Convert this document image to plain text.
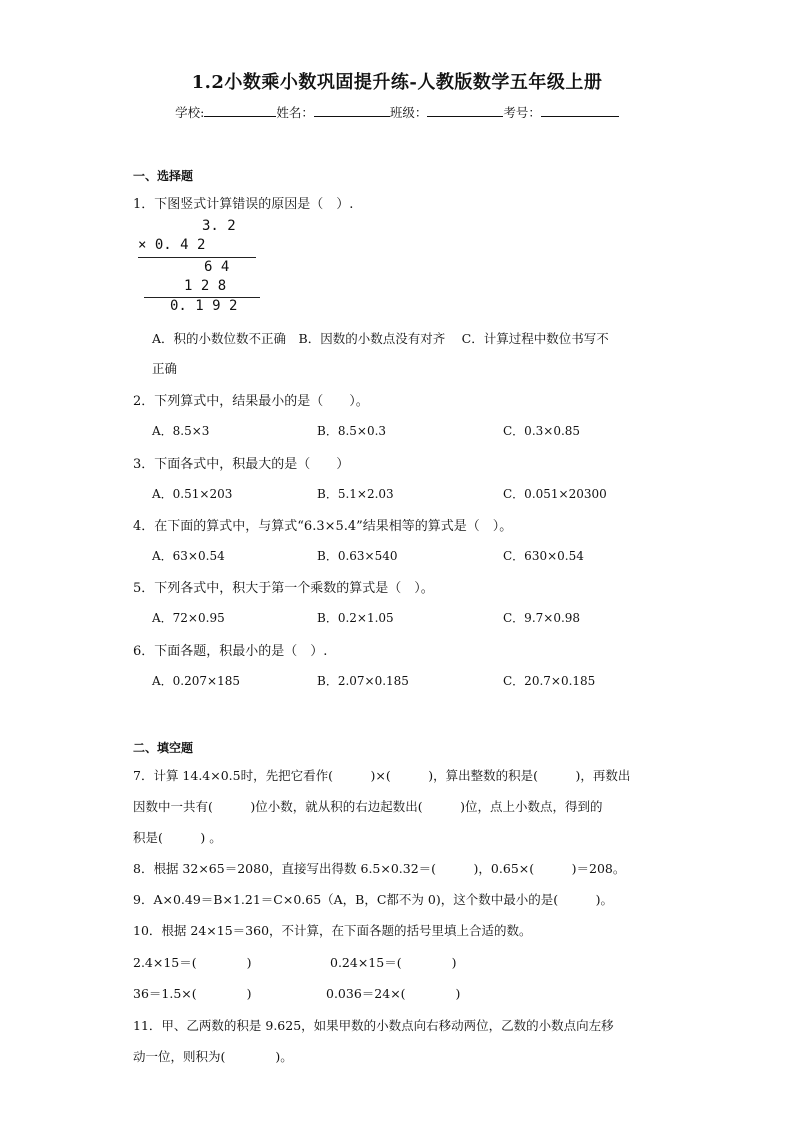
1.2小数乘小数巩固提升练-人教版数学五年级上册
学校:	姓名：	班级：	考号：
一、选择题
1．下图竖式计算错误的原因是（　）.
3. 2
× 0. 4 2
6 4
1 2 8
0. 1 9 2
A．积的小数位数不正确　B．因数的小数点没有对齐　 C．计算过程中数位书写不
正确
2．下列算式中，结果最小的是（　　）。
A．8.5×3	B．8.5×0.3	C．0.3×0.85
3．下面各式中，积最大的是（　　）
A．0.51×203	B．5.1×2.03	C．0.051×20300
4．在下面的算式中，与算式“6.3×5.4”结果相等的算式是（　）。
A．63×0.54	B．0.63×540	C．630×0.54
5．下列各式中，积大于第一个乘数的算式是（　）。
A．72×0.95	B．0.2×1.05	C．9.7×0.98
6．下面各题，积最小的是（　）.
A．0.207×185	B．2.07×0.185	C．20.7×0.185
二、填空题
7．计算 14.4×0.5时，先把它看作(　　　)×(　　　)，算出整数的积是(　　　)，再数出
因数中一共有(　　　)位小数，就从积的右边起数出(　　　)位，点上小数点，得到的
积是(　　　) 。
8．根据 32×65＝2080，直接写出得数 6.5×0.32＝(　　　)，0.65×(　　　)＝208。
9．A×0.49＝B×1.21＝C×0.65（A，B，C都不为 0)，这个数中最小的是(　　　)。
10．根据 24×15＝360，不计算，在下面各题的括号里填上合适的数。
2.4×15＝(　　　　)	0.24×15＝(　　　　)
36＝1.5×(　　　　)	0.036＝24×(　　　　)
11．甲、乙两数的积是 9.625，如果甲数的小数点向右移动两位，乙数的小数点向左移
动一位，则积为(　　　　)。
